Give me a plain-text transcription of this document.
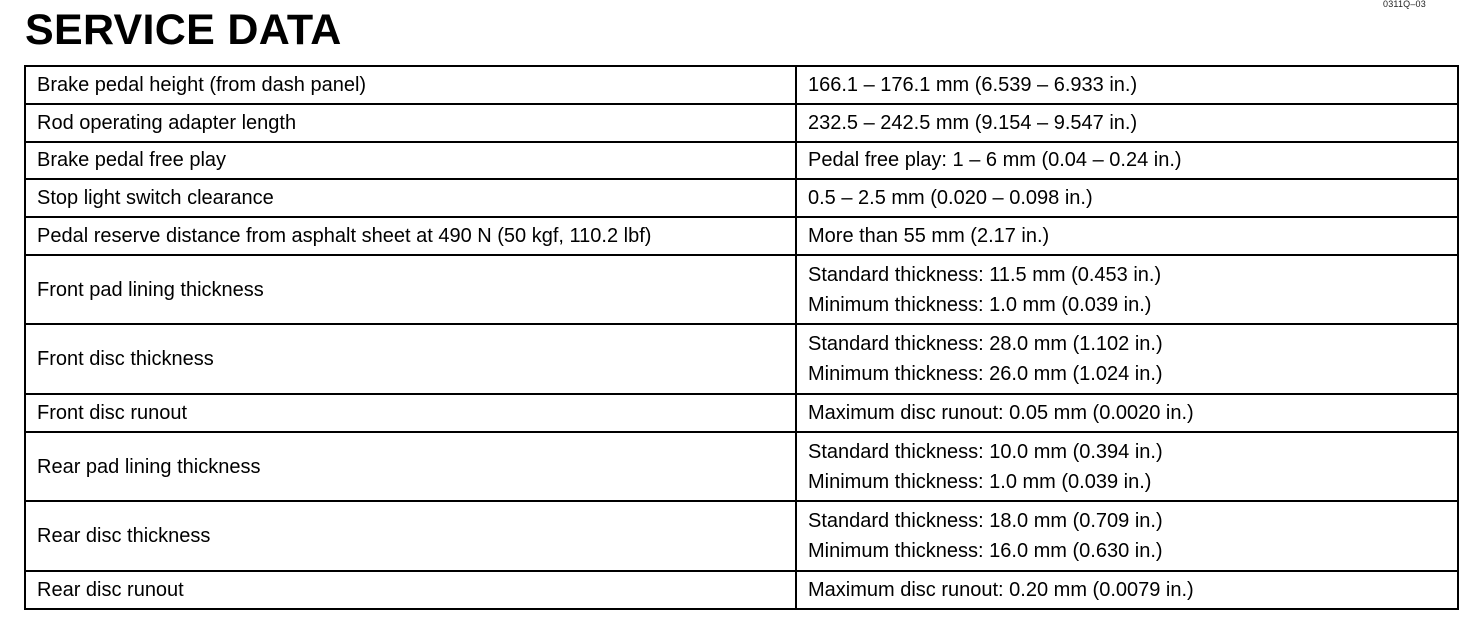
0311Q–03
SERVICE DATA
Brake pedal height (from dash panel)	166.1 – 176.1 mm (6.539 – 6.933 in.)

Rod operating adapter length	232.5 – 242.5 mm (9.154 – 9.547 in.)

Brake pedal free play	Pedal free play: 1 – 6 mm (0.04 – 0.24 in.)

Stop light switch clearance	0.5 – 2.5 mm (0.020 – 0.098 in.)

Pedal reserve distance from asphalt sheet at 490 N (50 kgf, 110.2 lbf)	More than 55 mm (2.17 in.)

Front pad lining thickness	Standard thickness: 11.5 mm (0.453 in.)
Minimum thickness: 1.0 mm (0.039 in.)

Front disc thickness	Standard thickness: 28.0 mm (1.102 in.)
Minimum thickness: 26.0 mm (1.024 in.)

Front disc runout	Maximum disc runout: 0.05 mm (0.0020 in.)

Rear pad lining thickness	Standard thickness: 10.0 mm (0.394 in.)
Minimum thickness: 1.0 mm (0.039 in.)

Rear disc thickness	Standard thickness: 18.0 mm (0.709 in.)
Minimum thickness: 16.0 mm (0.630 in.)

Rear disc runout	Maximum disc runout: 0.20 mm (0.0079 in.)
